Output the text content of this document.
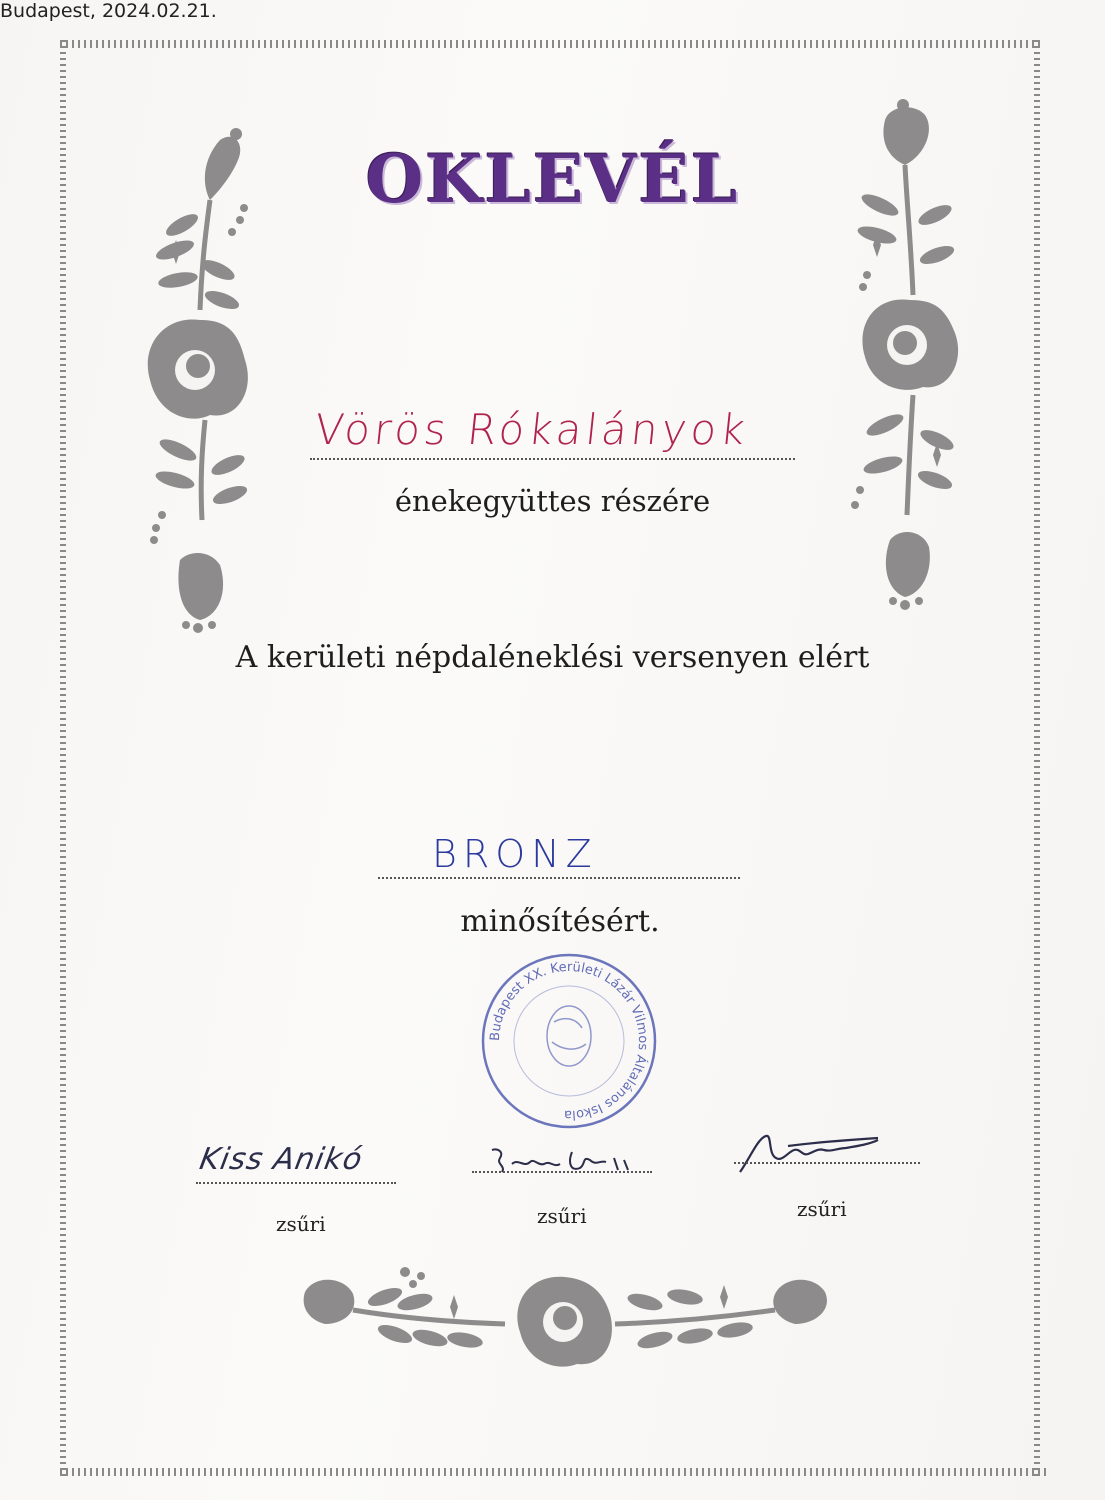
OKLEVÉL
Vörös Rókalányok
énekegyüttes részére
A kerületi népdaléneklési versenyen elért
BRONZ
minősítésért.
Budapest XX. Kerületi Lázár Vilmos Általános Iskola
Budapest, 2024.02.21.
Kiss Anikó
zsűri	zsűri	zsűri
